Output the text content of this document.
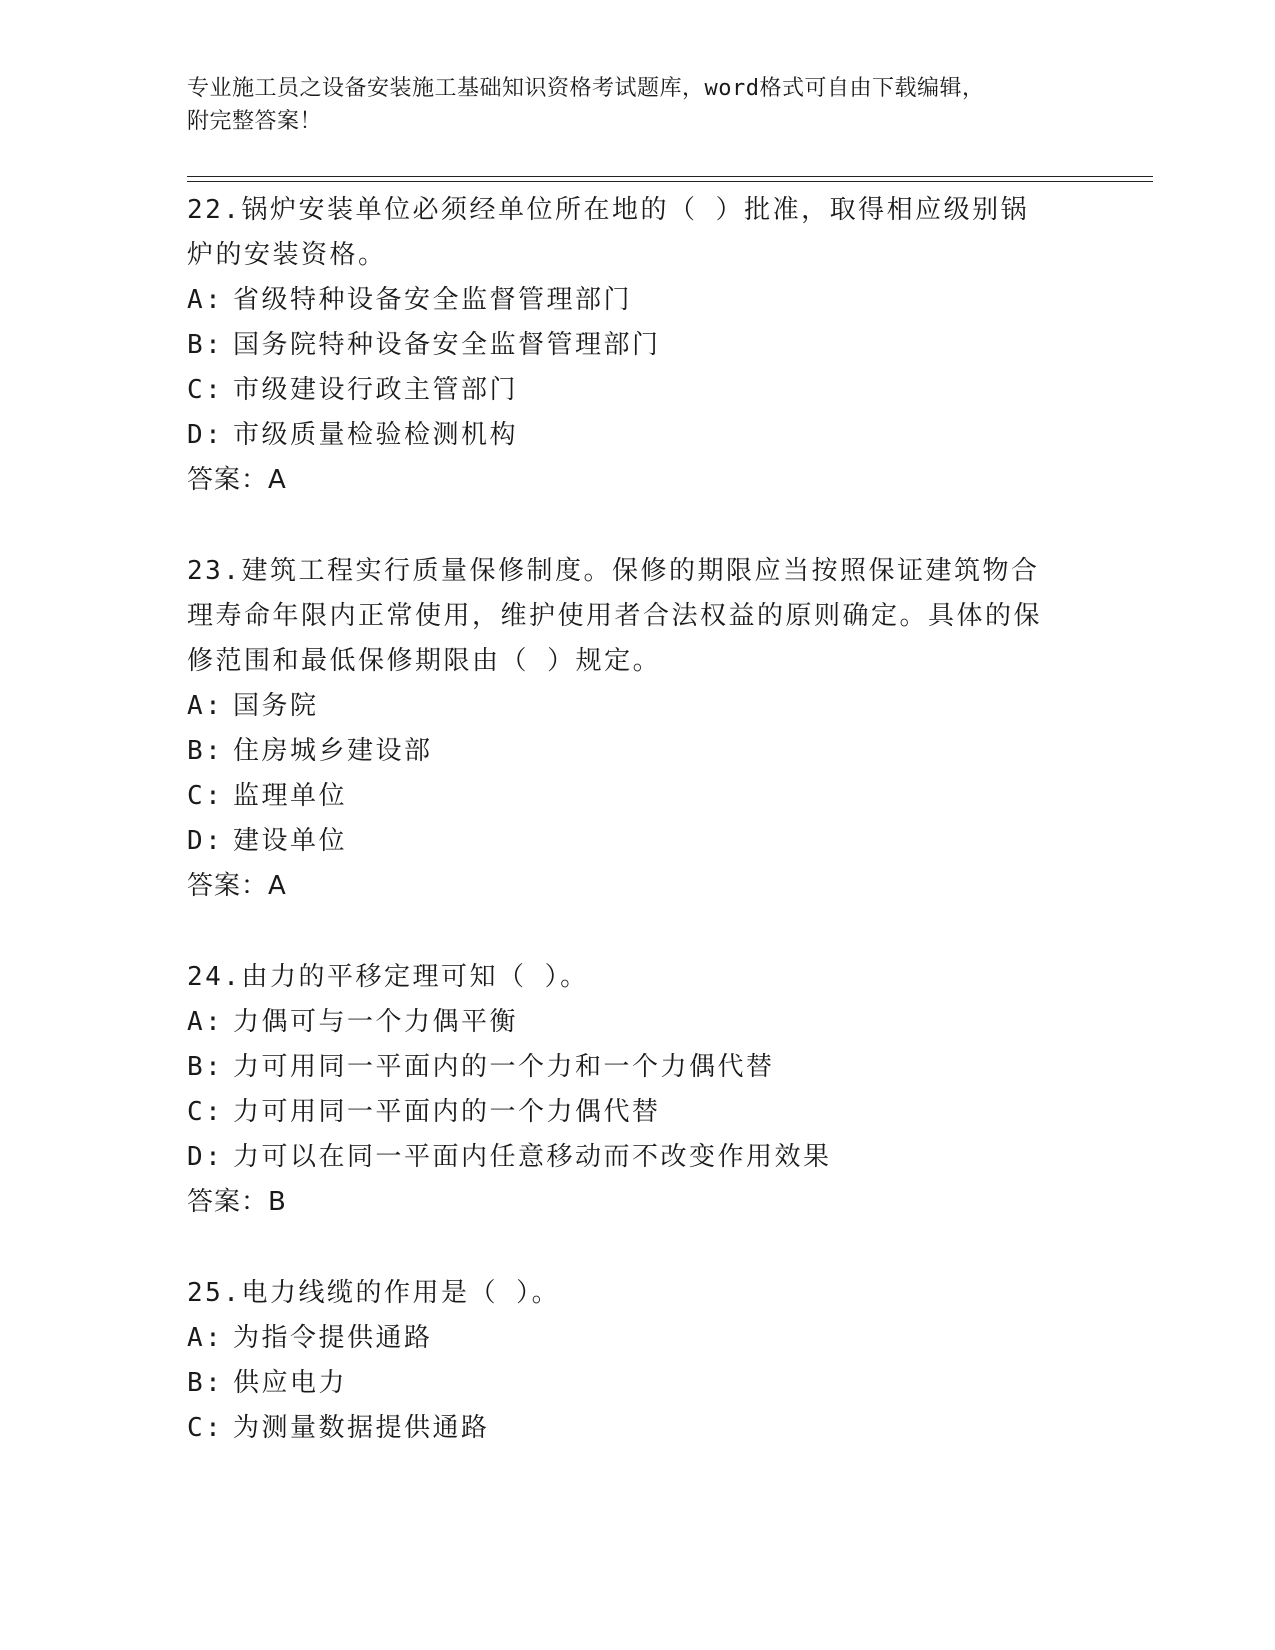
专业施工员之设备安装施工基础知识资格考试题库，word格式可自由下载编辑，
附完整答案！

22.锅炉安装单位必须经单位所在地的（ ）批准，取得相应级别锅炉的安装资格。

A: 省级特种设备安全监督管理部门
B: 国务院特种设备安全监督管理部门
C: 市级建设行政主管部门
D: 市级质量检验检测机构
答案：A

23.建筑工程实行质量保修制度。保修的期限应当按照保证建筑物合理寿命年限内正常使用，维护使用者合法权益的原则确定。具体的保修范围和最低保修期限由（ ）规定。

A: 国务院
B: 住房城乡建设部
C: 监理单位
D: 建设单位
答案：A

24.由力的平移定理可知（ ）。

A: 力偶可与一个力偶平衡
B: 力可用同一平面内的一个力和一个力偶代替
C: 力可用同一平面内的一个力偶代替
D: 力可以在同一平面内任意移动而不改变作用效果
答案：B

25.电力线缆的作用是（ ）。

A: 为指令提供通路
B: 供应电力
C: 为测量数据提供通路
